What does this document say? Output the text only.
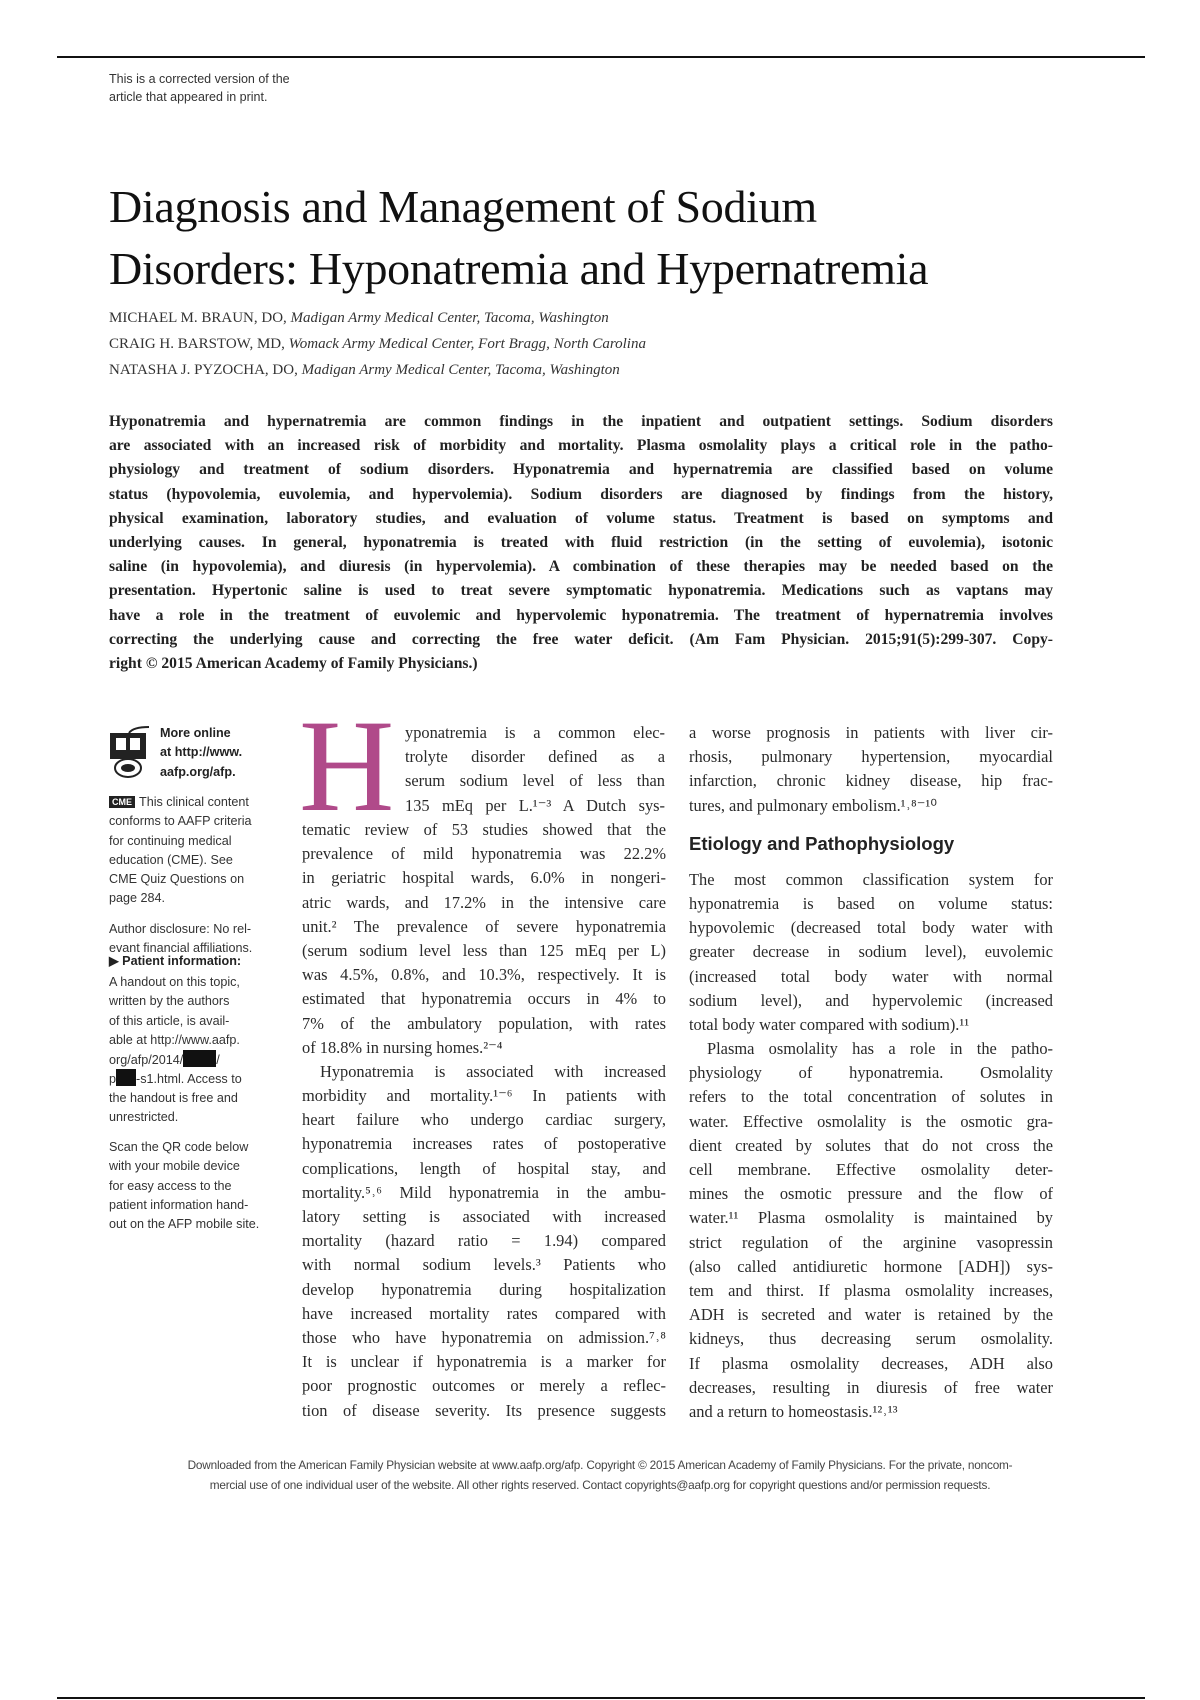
This is a corrected version of the
article that appeared in print.
Diagnosis and Management of Sodium
Disorders: Hyponatremia and Hypernatremia
MICHAEL M. BRAUN, DO, Madigan Army Medical Center, Tacoma, Washington
CRAIG H. BARSTOW, MD, Womack Army Medical Center, Fort Bragg, North Carolina
NATASHA J. PYZOCHA, DO, Madigan Army Medical Center, Tacoma, Washington
Hyponatremia and hypernatremia are common findings in the inpatient and outpatient settings. Sodium disorders
are associated with an increased risk of morbidity and mortality. Plasma osmolality plays a critical role in the patho-
physiology and treatment of sodium disorders. Hyponatremia and hypernatremia are classified based on volume
status (hypovolemia, euvolemia, and hypervolemia). Sodium disorders are diagnosed by findings from the history,
physical examination, laboratory studies, and evaluation of volume status. Treatment is based on symptoms and
underlying causes. In general, hyponatremia is treated with fluid restriction (in the setting of euvolemia), isotonic
saline (in hypovolemia), and diuresis (in hypervolemia). A combination of these therapies may be needed based on the
presentation. Hypertonic saline is used to treat severe symptomatic hyponatremia. Medications such as vaptans may
have a role in the treatment of euvolemic and hypervolemic hyponatremia. The treatment of hypernatremia involves
correcting the underlying cause and correcting the free water deficit. (Am Fam Physician. 2015;91(5):299-307. Copy-
right © 2015 American Academy of Family Physicians.)
More online
at http://www.
aafp.org/afp.
CME This clinical content
conforms to AAFP criteria
for continuing medical
education (CME). See
CME Quiz Questions on
page 284.
Author disclosure: No rel-
evant financial affiliations.
▶ Patient information:
A handout on this topic,
written by the authors
of this article, is avail-
able at http://www.aafp.
org/afp/2014/	/
p -s1.html. Access to
the handout is free and
unrestricted.
Scan the QR code below
with your mobile device
for easy access to the
patient information hand-
out on the AFP mobile site.
H yponatremia is a common elec-
trolyte disorder defined as a
serum sodium level of less than
135 mEq per L.¹⁻³ A Dutch sys-
tematic review of 53 studies showed that the
prevalence of mild hyponatremia was 22.2%
in geriatric hospital wards, 6.0% in nongeri-
atric wards, and 17.2% in the intensive care
unit.² The prevalence of severe hyponatremia
(serum sodium level less than 125 mEq per L)
was 4.5%, 0.8%, and 10.3%, respectively. It is
estimated that hyponatremia occurs in 4% to
7% of the ambulatory population, with rates
of 18.8% in nursing homes.²⁻⁴
Hyponatremia is associated with increased
morbidity and mortality.¹⁻⁶ In patients with
heart failure who undergo cardiac surgery,
hyponatremia increases rates of postoperative
complications, length of hospital stay, and
mortality.⁵˒⁶ Mild hyponatremia in the ambu-
latory setting is associated with increased
mortality (hazard ratio = 1.94) compared
with normal sodium levels.³ Patients who
develop hyponatremia during hospitalization
have increased mortality rates compared with
those who have hyponatremia on admission.⁷˒⁸
It is unclear if hyponatremia is a marker for
poor prognostic outcomes or merely a reflec-
tion of disease severity. Its presence suggests
a worse prognosis in patients with liver cir-
rhosis, pulmonary hypertension, myocardial
infarction, chronic kidney disease, hip frac-
tures, and pulmonary embolism.¹˒⁸⁻¹⁰
Etiology and Pathophysiology
The most common classification system for
hyponatremia is based on volume status:
hypovolemic (decreased total body water with
greater decrease in sodium level), euvolemic
(increased total body water with normal
sodium level), and hypervolemic (increased
total body water compared with sodium).¹¹
Plasma osmolality has a role in the patho-
physiology of hyponatremia. Osmolality
refers to the total concentration of solutes in
water. Effective osmolality is the osmotic gra-
dient created by solutes that do not cross the
cell membrane. Effective osmolality deter-
mines the osmotic pressure and the flow of
water.¹¹ Plasma osmolality is maintained by
strict regulation of the arginine vasopressin
(also called antidiuretic hormone [ADH]) sys-
tem and thirst. If plasma osmolality increases,
ADH is secreted and water is retained by the
kidneys, thus decreasing serum osmolality.
If plasma osmolality decreases, ADH also
decreases, resulting in diuresis of free water
and a return to homeostasis.¹²˒¹³
Downloaded from the American Family Physician website at www.aafp.org/afp. Copyright © 2015 American Academy of Family Physicians. For the private, noncom-
mercial use of one individual user of the website. All other rights reserved. Contact copyrights@aafp.org for copyright questions and/or permission requests.
